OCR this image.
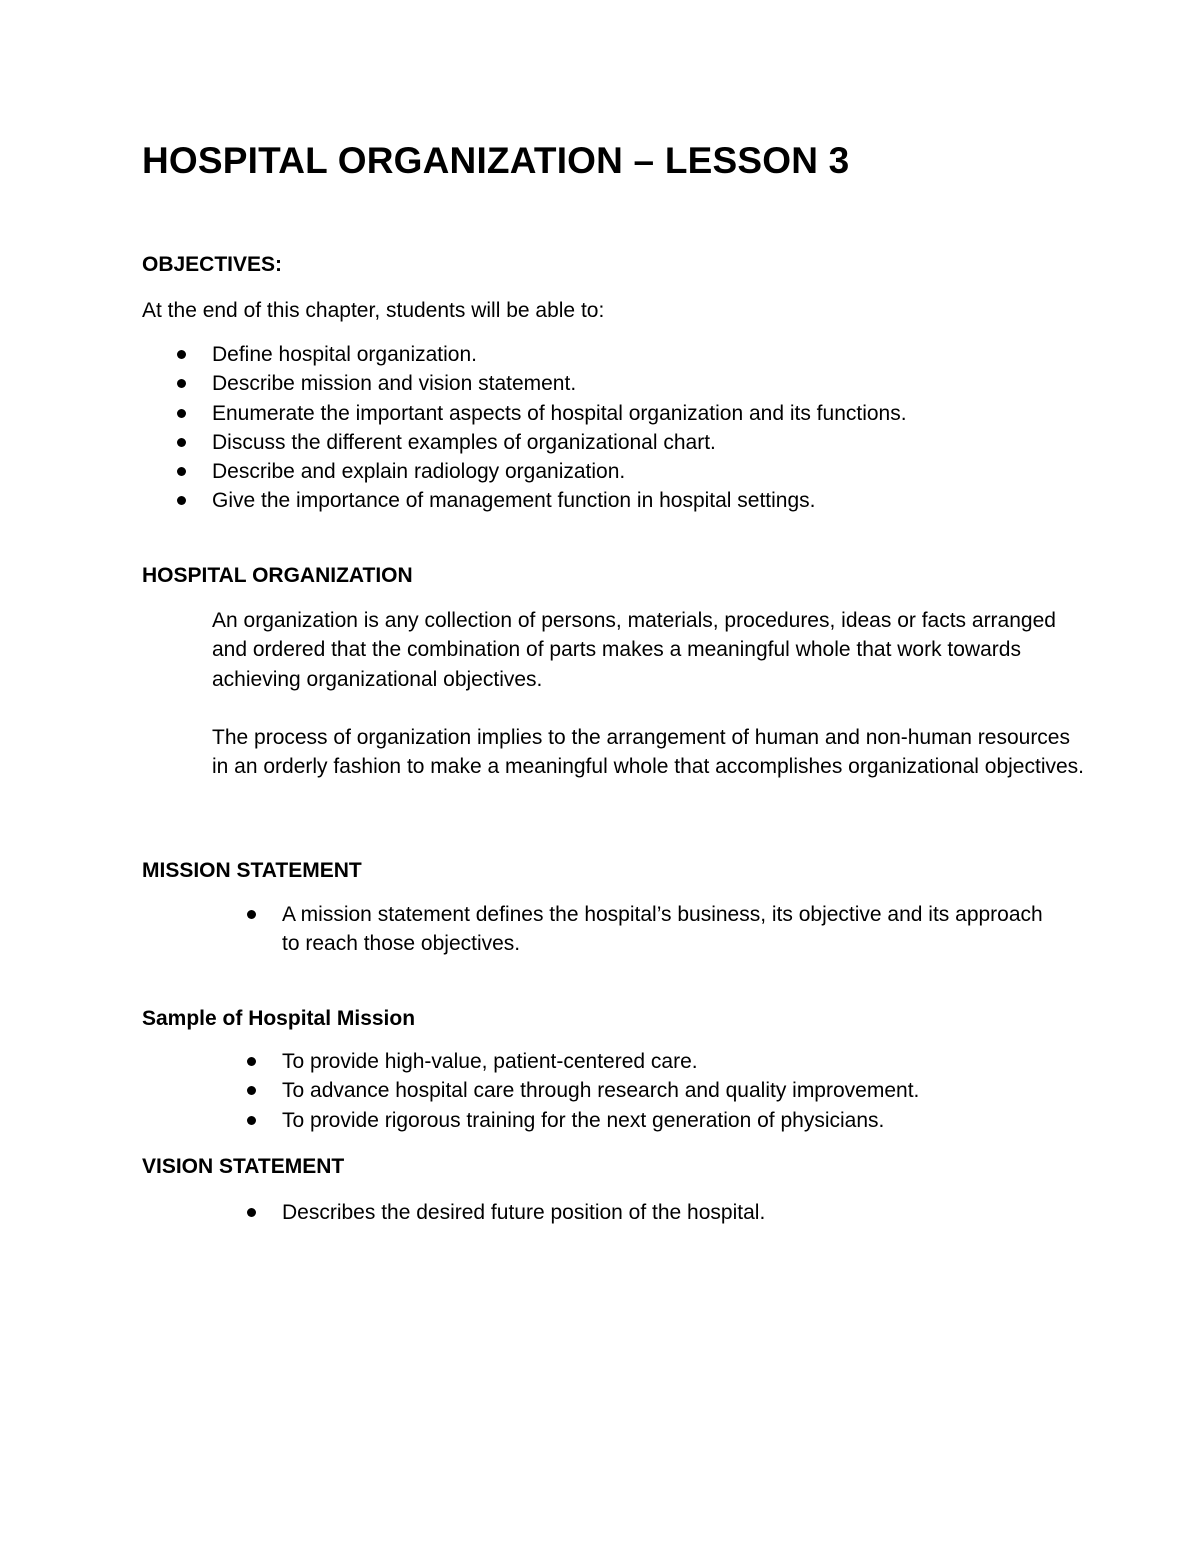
HOSPITAL ORGANIZATION – LESSON 3
OBJECTIVES:

At the end of this chapter, students will be able to:

Define hospital organization.
Describe mission and vision statement.
Enumerate the important aspects of hospital organization and its functions.
Discuss the different examples of organizational chart.
Describe and explain radiology organization.
Give the importance of management function in hospital settings.
HOSPITAL ORGANIZATION

An organization is any collection of persons, materials, procedures, ideas or facts arranged and ordered that the combination of parts makes a meaningful whole that work towards achieving organizational objectives.

The process of organization implies to the arrangement of human and non-human resources in an orderly fashion to make a meaningful whole that accomplishes organizational objectives.

MISSION STATEMENT
A mission statement defines the hospital’s business, its objective and its approach to reach those objectives.
Sample of Hospital Mission
To provide high-value, patient-centered care.
To advance hospital care through research and quality improvement.
To provide rigorous training for the next generation of physicians.
VISION STATEMENT
Describes the desired future position of the hospital.
